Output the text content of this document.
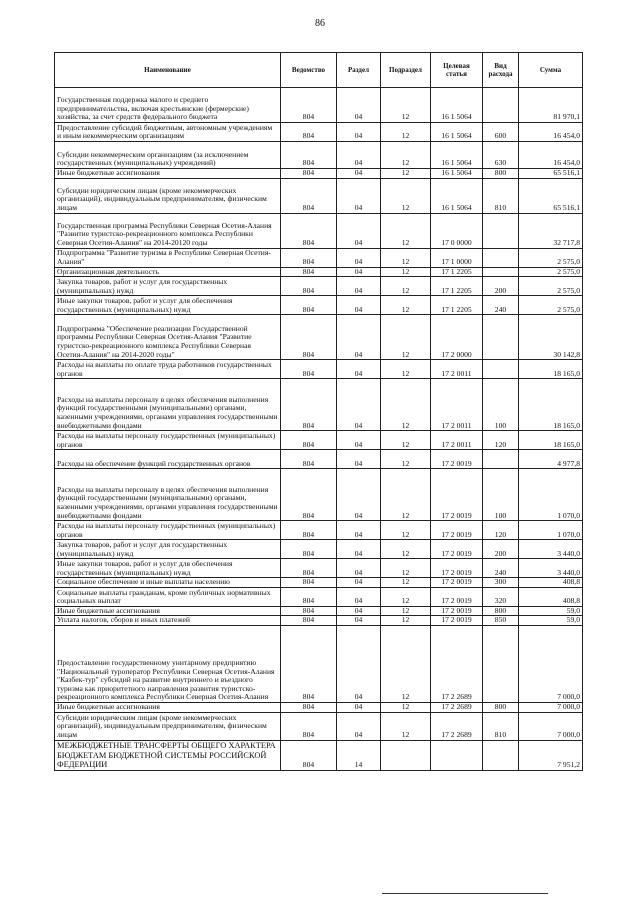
86
Наименование	Ведомство	Раздел	Подраздел	Целевая статья	Вид расхода	Сумма
Государственная поддержка малого и среднего предпринимательства, включая крестьянские (фермерские) хозяйства, за счет средств федерального бюджета	804	04	12	16 1 5064		81 970,1
Предоставление субсидий бюджетным, автономным учреждениям и иным некоммерческим организациям	804	04	12	16 1 5064	600	16 454,0
Субсидии некоммерческим организациям (за исключением государственных (муниципальных) учреждений)	804	04	12	16 1 5064	630	16 454,0
Иные бюджетные ассигнования	804	04	12	16 1 5064	800	65 516,1
Субсидии юридическим лицам (кроме некоммерческих организаций), индивидуальным предпринимателям, физическим лицам	804	04	12	16 1 5064	810	65 516,1
Государственная программа Республики Северная Осетия-Алания "Развитие туристско-рекреационного комплекса Республики Северная Осетия-Алания" на 2014-20120 годы	804	04	12	17 0 0000		32 717,8
Подпрограмма "Развитие туризма в Республике Северная Осетия-Алания"	804	04	12	17 1 0000		2 575,0
Организационная деятельность	804	04	12	17 1 2205		2 575,0
Закупка товаров, работ и услуг для государственных (муниципальных) нужд	804	04	12	17 1 2205	200	2 575,0
Иные закупки товаров, работ и услуг для обеспечения государственных (муниципальных) нужд	804	04	12	17 1 2205	240	2 575,0
Подпрограмма "Обеспечение реализации Государственной программы Республики Северная Осетия-Алания "Развитие туристско-рекреационного комплекса Республики Северная Осетия-Алания" на 2014-2020 годы"	804	04	12	17 2 0000		30 142,8
Расходы на выплаты по оплате труда работников государственных органов	804	04	12	17 2 0011		18 165,0
Расходы на выплаты персоналу в целях обеспечения выполнения функций государственными (муниципальными) органами, казенными учреждениями, органами управления государственными внебюджетными фондами	804	04	12	17 2 0011	100	18 165,0
Расходы на выплаты персоналу государственных (муниципальных) органов	804	04	12	17 2 0011	120	18 165,0
Расходы на обеспечение функций государственных органов	804	04	12	17 2 0019		4 977,8
Расходы на выплаты персоналу в целях обеспечения выполнения функций государственными (муниципальными) органами, казенными учреждениями, органами управления государственными внебюджетными фондами	804	04	12	17 2 0019	100	1 070,0
Расходы на выплаты персоналу государственных (муниципальных) органов	804	04	12	17 2 0019	120	1 070,0
Закупка товаров, работ и услуг для государственных (муниципальных) нужд	804	04	12	17 2 0019	200	3 440,0
Иные закупки товаров, работ и услуг для обеспечения государственных (муниципальных) нужд	804	04	12	17 2 0019	240	3 440,0
Социальное обеспечение и иные выплаты населению	804	04	12	17 2 0019	300	408,8
Социальные выплаты гражданам, кроме публичных нормативных социальных выплат	804	04	12	17 2 0019	320	408,8
Иные бюджетные ассигнования	804	04	12	17 2 0019	800	59,0
Уплата налогов, сборов и иных платежей	804	04	12	17 2 0019	850	59,0
Предоставление государственному унитарному предприятию "Национальный туроператор Республики Северная Осетия-Алания "Казбек-тур" субсидий на развитие внутреннего и въездного туризма как приоритетного направления развития туристско-рекреационного комплекса Республики Северная Осетия-Алания	804	04	12	17 2 2689		7 000,0
Иные бюджетные ассигнования	804	04	12	17 2 2689	800	7 000,0
Субсидии юридическим лицам (кроме некоммерческих организаций), индивидуальным предпринимателям, физическим лицам	804	04	12	17 2 2689	810	7 000,0
МЕЖБЮДЖЕТНЫЕ ТРАНСФЕРТЫ ОБЩЕГО ХАРАКТЕРА БЮДЖЕТАМ БЮДЖЕТНОЙ СИСТЕМЫ РОССИЙСКОЙ ФЕДЕРАЦИИ	804	14				7 951,2
